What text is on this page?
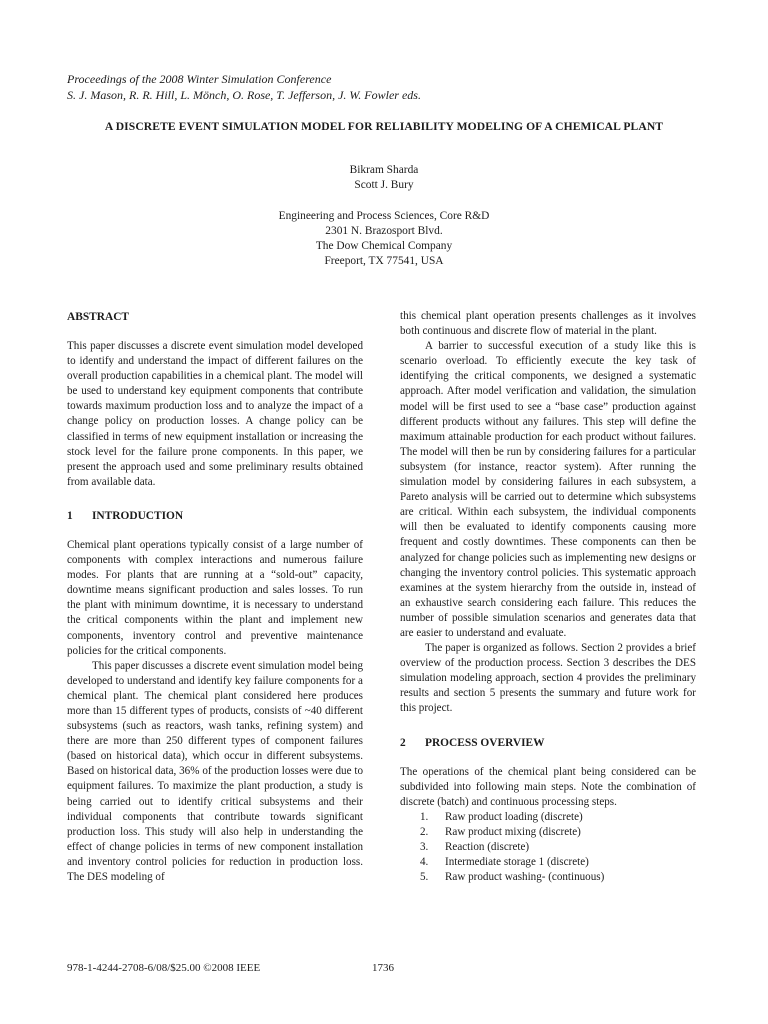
Proceedings of the 2008 Winter Simulation Conference
S. J. Mason, R. R. Hill, L. Mönch, O. Rose, T. Jefferson, J. W. Fowler eds.
A DISCRETE EVENT SIMULATION MODEL FOR RELIABILITY MODELING OF A CHEMICAL PLANT
Bikram Sharda
Scott J. Bury
Engineering and Process Sciences, Core R&D
2301 N. Brazosport Blvd.
The Dow Chemical Company
Freeport, TX 77541, USA
ABSTRACT

This paper discusses a discrete event simulation model developed to identify and understand the impact of different failures on the overall production capabilities in a chemical plant. The model will be used to understand key equipment components that contribute towards maximum production loss and to analyze the impact of a change policy on production losses. A change policy can be classified in terms of new equipment installation or increasing the stock level for the failure prone components. In this paper, we present the approach used and some preliminary results obtained from available data.

1 INTRODUCTION

Chemical plant operations typically consist of a large number of components with complex interactions and numerous failure modes. For plants that are running at a “sold-out” capacity, downtime means significant production and sales losses. To run the plant with minimum downtime, it is necessary to understand the critical components within the plant and implement new components, inventory control and preventive maintenance policies for the critical components.

This paper discusses a discrete event simulation model being developed to understand and identify key failure components for a chemical plant. The chemical plant considered here produces more than 15 different types of products, consists of ~40 different subsystems (such as reactors, wash tanks, refining system) and there are more than 250 different types of component failures (based on historical data), which occur in different subsystems. Based on historical data, 36% of the production losses were due to equipment failures. To maximize the plant production, a study is being carried out to identify critical subsystems and their individual components that contribute towards significant production loss. This study will also help in understanding the effect of change policies in terms of new component installation and inventory control policies for reduction in production loss. The DES modeling of

this chemical plant operation presents challenges as it involves both continuous and discrete flow of material in the plant.

A barrier to successful execution of a study like this is scenario overload. To efficiently execute the key task of identifying the critical components, we designed a systematic approach. After model verification and validation, the simulation model will be first used to see a “base case” production against different products without any failures. This step will define the maximum attainable production for each product without failures. The model will then be run by considering failures for a particular subsystem (for instance, reactor system). After running the simulation model by considering failures in each subsystem, a Pareto analysis will be carried out to determine which subsystems are critical. Within each subsystem, the individual components will then be evaluated to identify components causing more frequent and costly downtimes. These components can then be analyzed for change policies such as implementing new designs or changing the inventory control policies. This systematic approach examines at the system hierarchy from the outside in, instead of an exhaustive search considering each failure. This reduces the number of possible simulation scenarios and generates data that are easier to understand and evaluate.

The paper is organized as follows. Section 2 provides a brief overview of the production process. Section 3 describes the DES simulation modeling approach, section 4 provides the preliminary results and section 5 presents the summary and future work for this project.

2 PROCESS OVERVIEW

The operations of the chemical plant being considered can be subdivided into following main steps. Note the combination of discrete (batch) and continuous processing steps.

1.	Raw product loading (discrete)
2.	Raw product mixing (discrete)
3.	Reaction (discrete)
4.	Intermediate storage 1 (discrete)
5.	Raw product washing- (continuous)
978-1-4244-2708-6/08/$25.00 ©2008 IEEE	1736
